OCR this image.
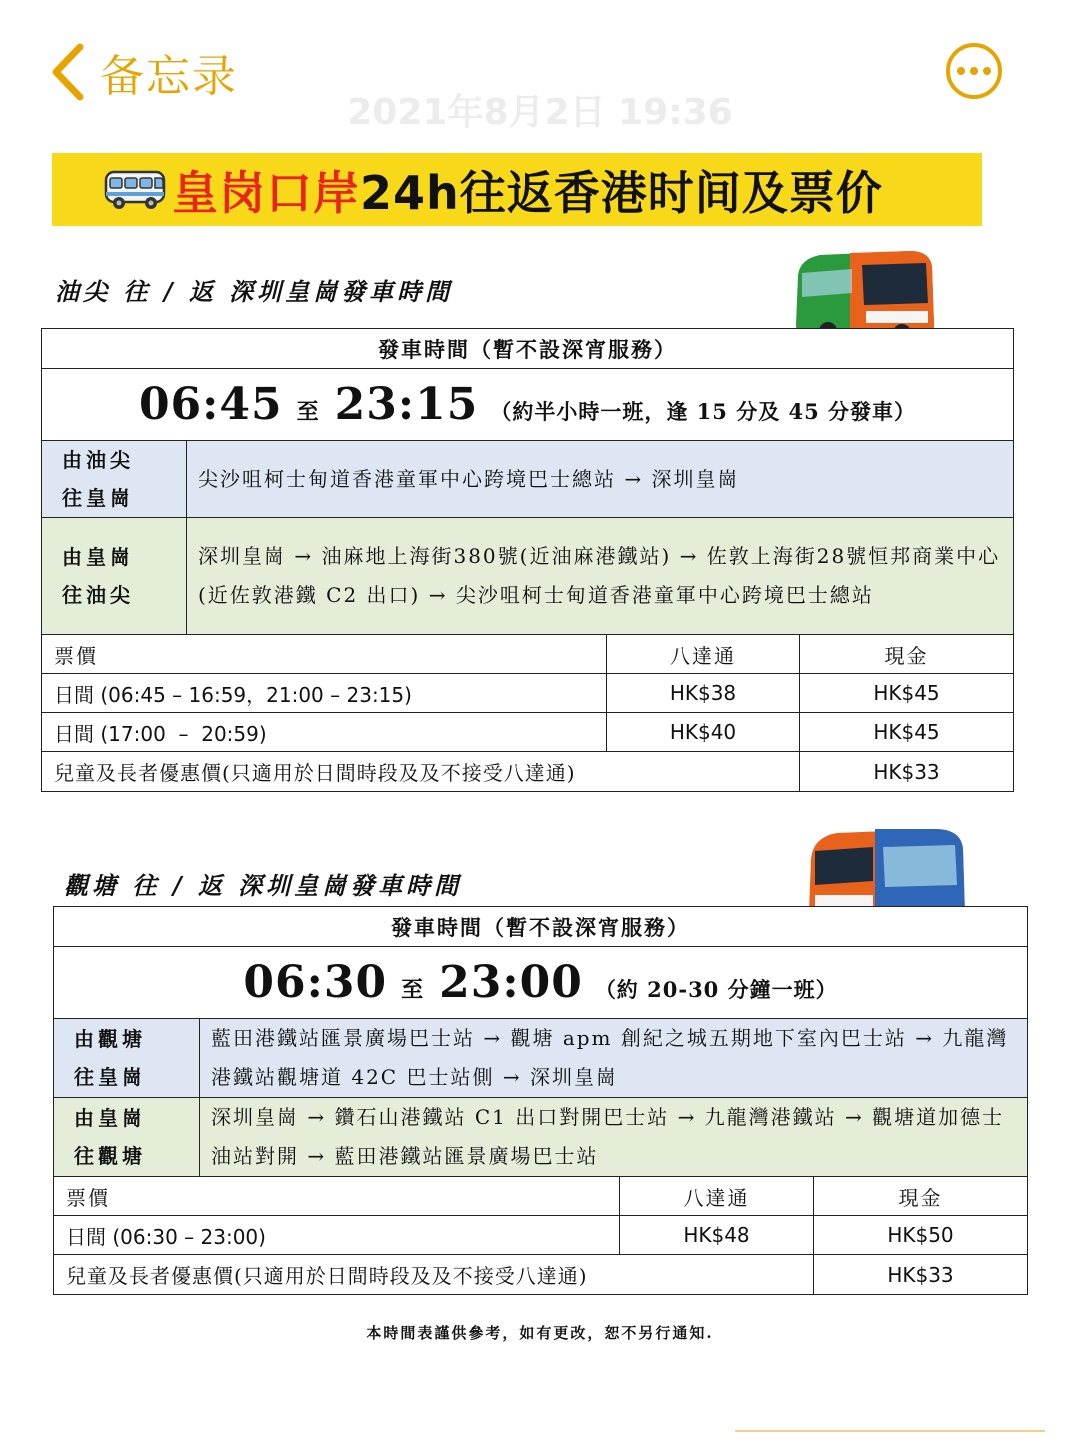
备忘录
2021年8月2日 19:36
皇岗口岸24h往返香港时间及票价
油尖 往 / 返 深圳皇崗發車時間
發車時間（暫不設深宵服務）			
06:45 至 23:15 （約半小時一班，逢 15 分及 45 分發車）			
由油尖
往皇崗	尖沙咀柯士甸道香港童軍中心跨境巴士總站 → 深圳皇崗		
由皇崗
往油尖	深圳皇崗 → 油麻地上海街380號(近油麻港鐵站) → 佐敦上海街28號恒邦商業中心(近佐敦港鐵 C2 出口) → 尖沙咀柯士甸道香港童軍中心跨境巴士總站		
票價		八達通	現金
日間 (06:45 – 16:59，21:00 – 23:15)		HK$38	HK$45
日間 (17:00  –  20:59)		HK$40	HK$45
兒童及長者優惠價(只適用於日間時段及及不接受八達通)			HK$33
觀塘 往 / 返 深圳皇崗發車時間
發車時間（暫不設深宵服務）			
06:30 至 23:00 （約 20-30 分鐘一班）			
由觀塘
往皇崗	藍田港鐵站匯景廣場巴士站 → 觀塘 apm 創紀之城五期地下室內巴士站 → 九龍灣港鐵站觀塘道 42C 巴士站側 → 深圳皇崗		
由皇崗
往觀塘	深圳皇崗 → 鑽石山港鐵站 C1 出口對開巴士站 → 九龍灣港鐵站 → 觀塘道加德士油站對開 → 藍田港鐵站匯景廣場巴士站		
票價		八達通	現金
日間 (06:30 – 23:00)		HK$48	HK$50
兒童及長者優惠價(只適用於日間時段及及不接受八達通)			HK$33
本時間表謹供參考，如有更改，恕不另行通知.
